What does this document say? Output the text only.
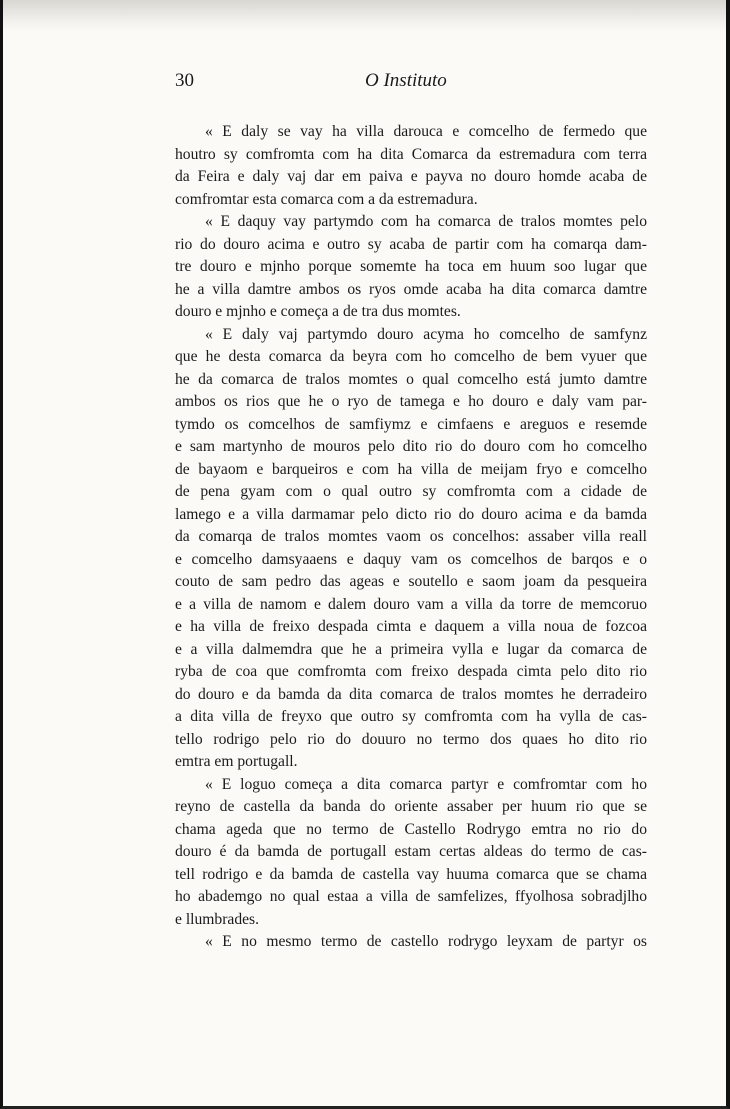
30	O Instituto
« E daly se vay ha villa darouca e comcelho de fermedo que
houtro sy comfromta com ha dita Comarca da estremadura com terra
da Feira e daly vaj dar em paiva e payva no douro homde acaba de
comfromtar esta comarca com a da estremadura.
« E daquy vay partymdo com ha comarca de tralos momtes pelo
rio do douro acima e outro sy acaba de partir com ha comarqa dam-
tre douro e mjnho porque somemte ha toca em huum soo lugar que
he a villa damtre ambos os ryos omde acaba ha dita comarca damtre
douro e mjnho e começa a de tra dus momtes.
« E daly vaj partymdo douro acyma ho comcelho de samfynz
que he desta comarca da beyra com ho comcelho de bem vyuer que
he da comarca de tralos momtes o qual comcelho está jumto damtre
ambos os rios que he o ryo de tamega e ho douro e daly vam par-
tymdo os comcelhos de samfiymz e cimfaens e areguos e resemde
e sam martynho de mouros pelo dito rio do douro com ho comcelho
de bayaom e barqueiros e com ha villa de meijam fryo e comcelho
de pena gyam com o qual outro sy comfromta com a cidade de
lamego e a villa darmamar pelo dicto rio do douro acima e da bamda
da comarqa de tralos momtes vaom os concelhos: assaber villa reall
e comcelho damsyaaens e daquy vam os comcelhos de barqos e o
couto de sam pedro das ageas e soutello e saom joam da pesqueira
e a villa de namom e dalem douro vam a villa da torre de memcoruo
e ha villa de freixo despada cimta e daquem a villa noua de fozcoa
e a villa dalmemdra que he a primeira vylla e lugar da comarca de
ryba de coa que comfromta com freixo despada cimta pelo dito rio
do douro e da bamda da dita comarca de tralos momtes he derradeiro
a dita villa de freyxo que outro sy comfromta com ha vylla de cas-
tello rodrigo pelo rio do douuro no termo dos quaes ho dito rio
emtra em portugall.
« E loguo começa a dita comarca partyr e comfromtar com ho
reyno de castella da banda do oriente assaber per huum rio que se
chama ageda que no termo de Castello Rodrygo emtra no rio do
douro é da bamda de portugall estam certas aldeas do termo de cas-
tell rodrigo e da bamda de castella vay huuma comarca que se chama
ho abademgo no qual estaa a villa de samfelizes, ffyolhosa sobradjlho
e llumbrades.
« E no mesmo termo de castello rodrygo leyxam de partyr os
